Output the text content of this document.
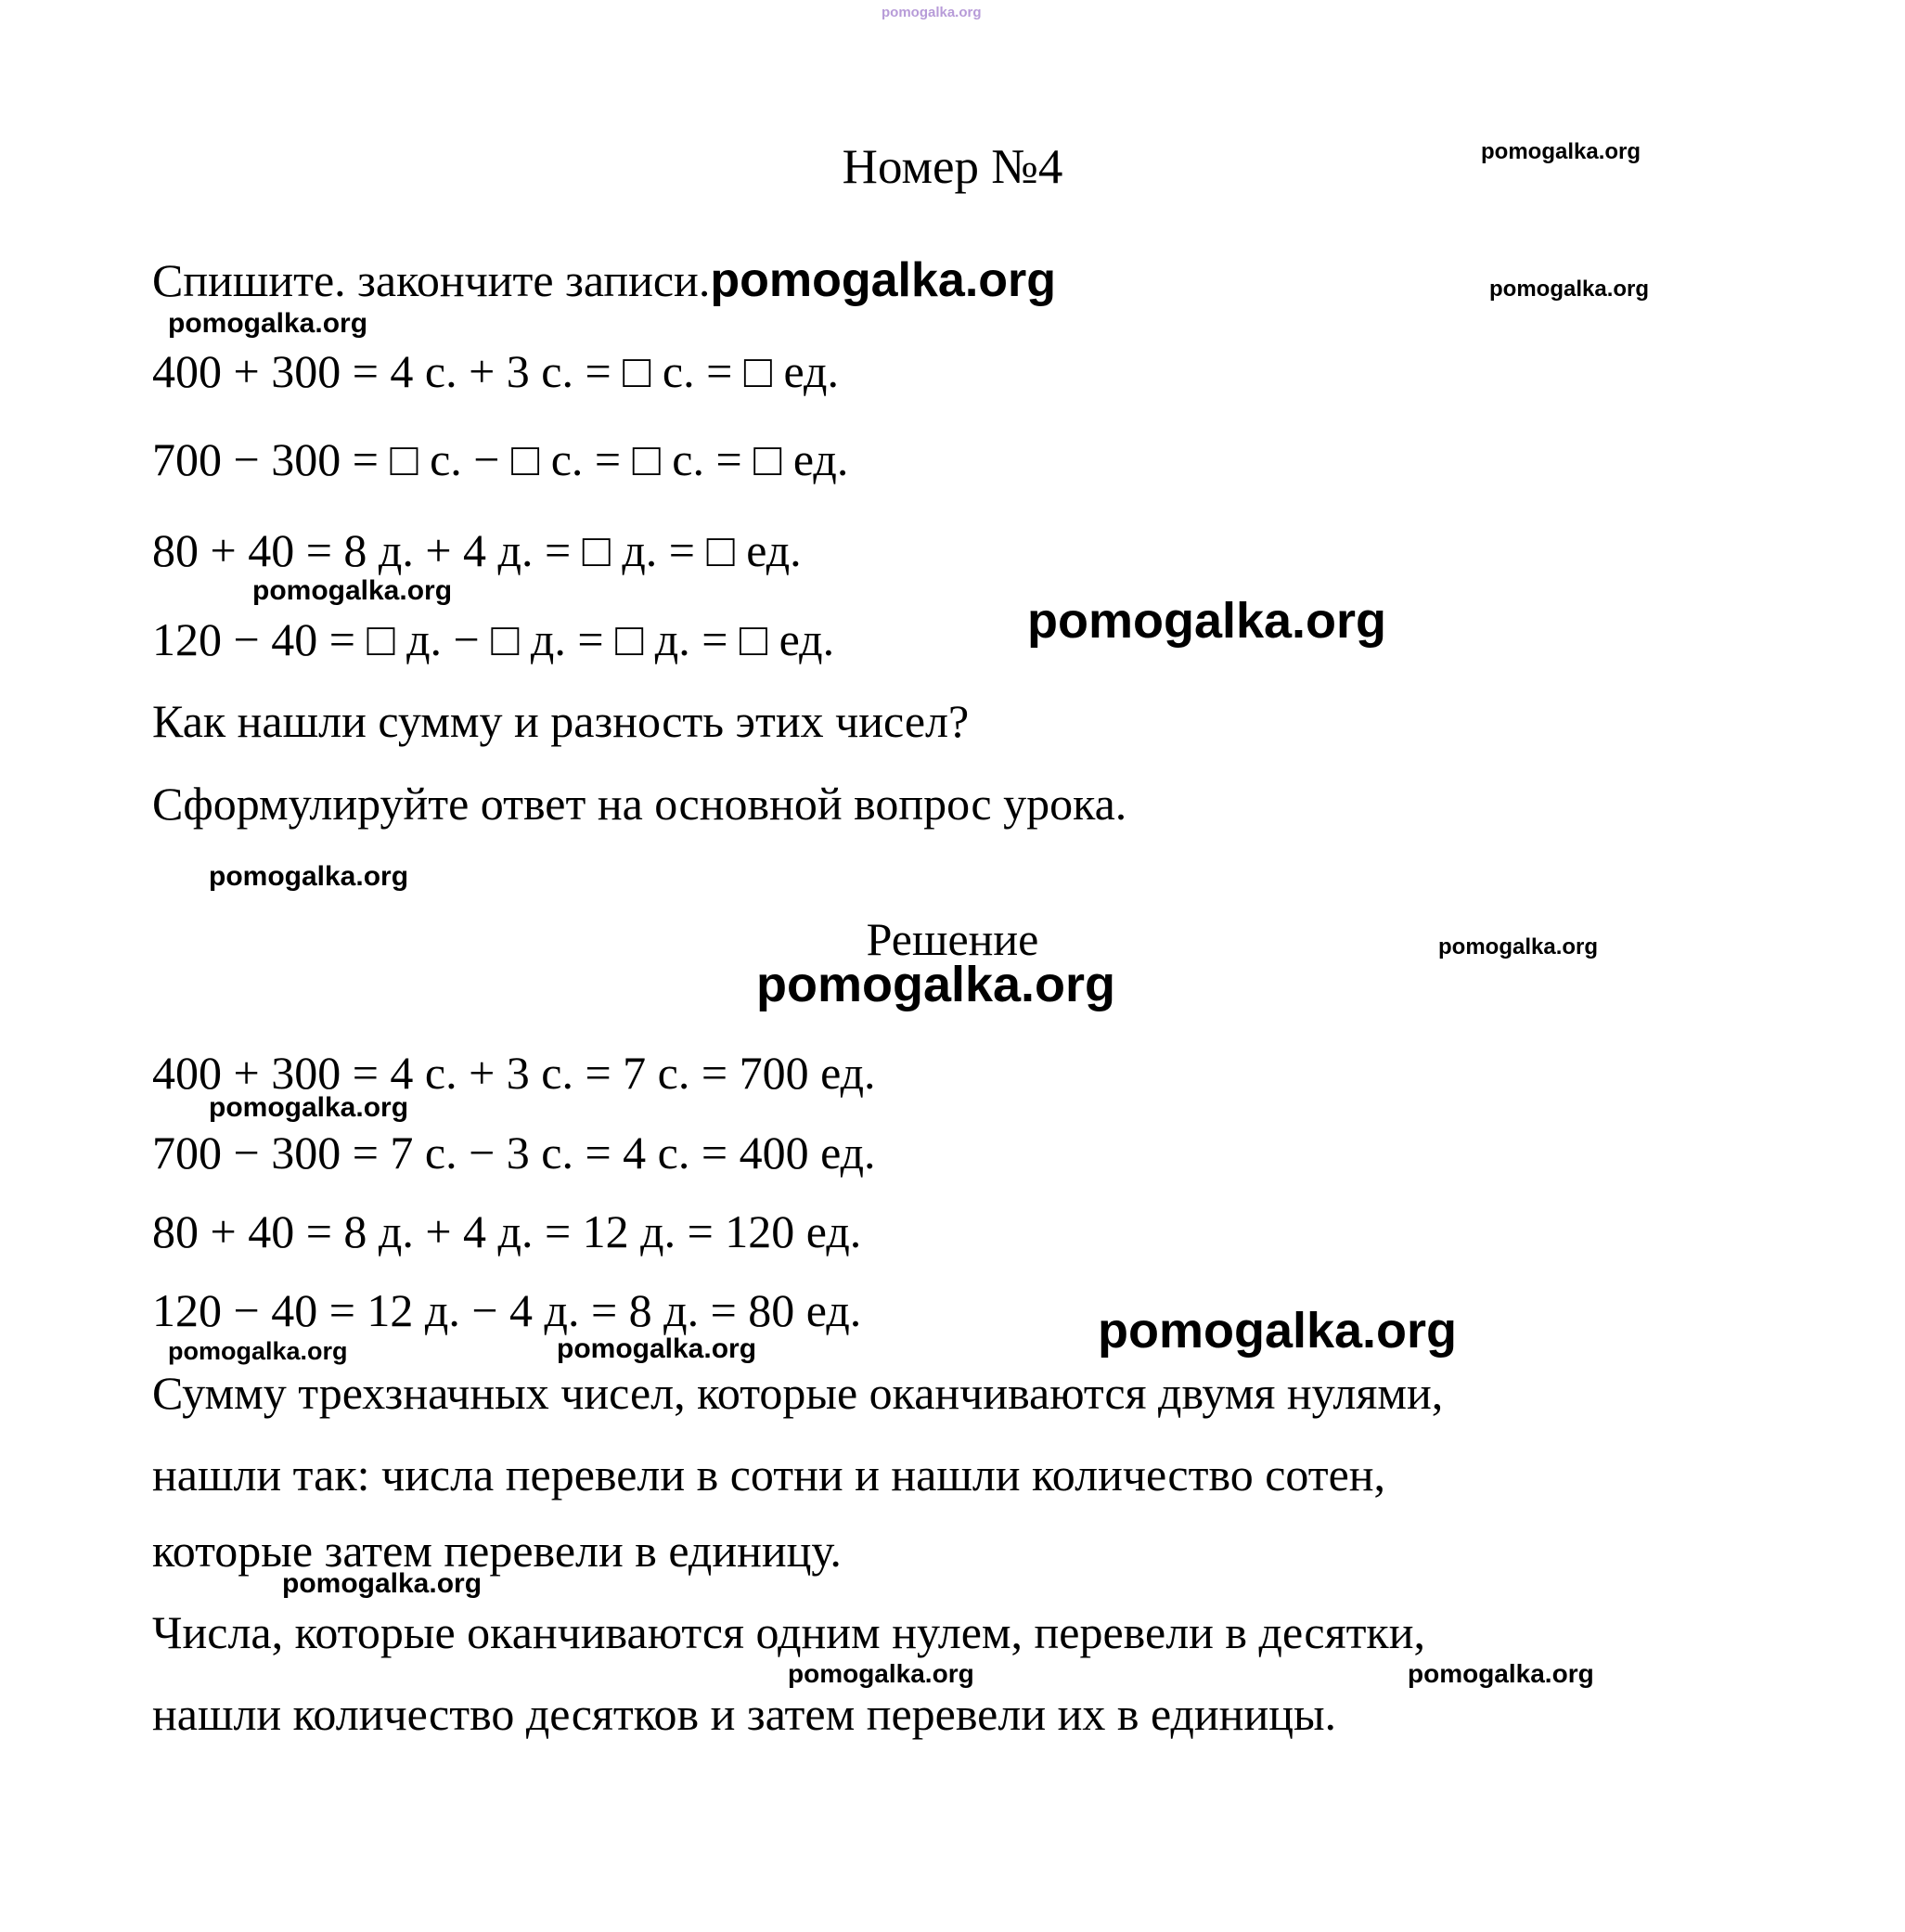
pomogalka.org
pomogalka.org
pomogalka.org
pomogalka.org
pomogalka.org
pomogalka.org
pomogalka.org
pomogalka.org
pomogalka.org
pomogalka.org
pomogalka.org	pomogalka.org	pomogalka.org
pomogalka.org
pomogalka.org	pomogalka.org
Номер №4
Спишите. закончите записи.pomogalka.org
400 + 300 = 4 с. + 3 с. = □ с. = □ ед.
700 − 300 = □ с. − □ с. = □ с. = □ ед.
80 + 40 = 8 д. + 4 д. = □ д. = □ ед.
120 − 40 = □ д. − □ д. = □ д. = □ ед.
Как нашли сумму и разность этих чисел?
Сформулируйте ответ на основной вопрос урока.
Решение
400 + 300 = 4 с. + 3 с. = 7 с. = 700 ед.
700 − 300 = 7 с. − 3 с. = 4 с. = 400 ед.
80 + 40 = 8 д. + 4 д. = 12 д. = 120 ед.
120 − 40 = 12 д. − 4 д. = 8 д. = 80 ед.
Сумму трехзначных чисел, которые оканчиваются двумя нулями,
нашли так: числа перевели в сотни и нашли количество сотен,
которые затем перевели в единицу.
Числа, которые оканчиваются одним нулем, перевели в десятки,
нашли количество десятков и затем перевели их в единицы.
